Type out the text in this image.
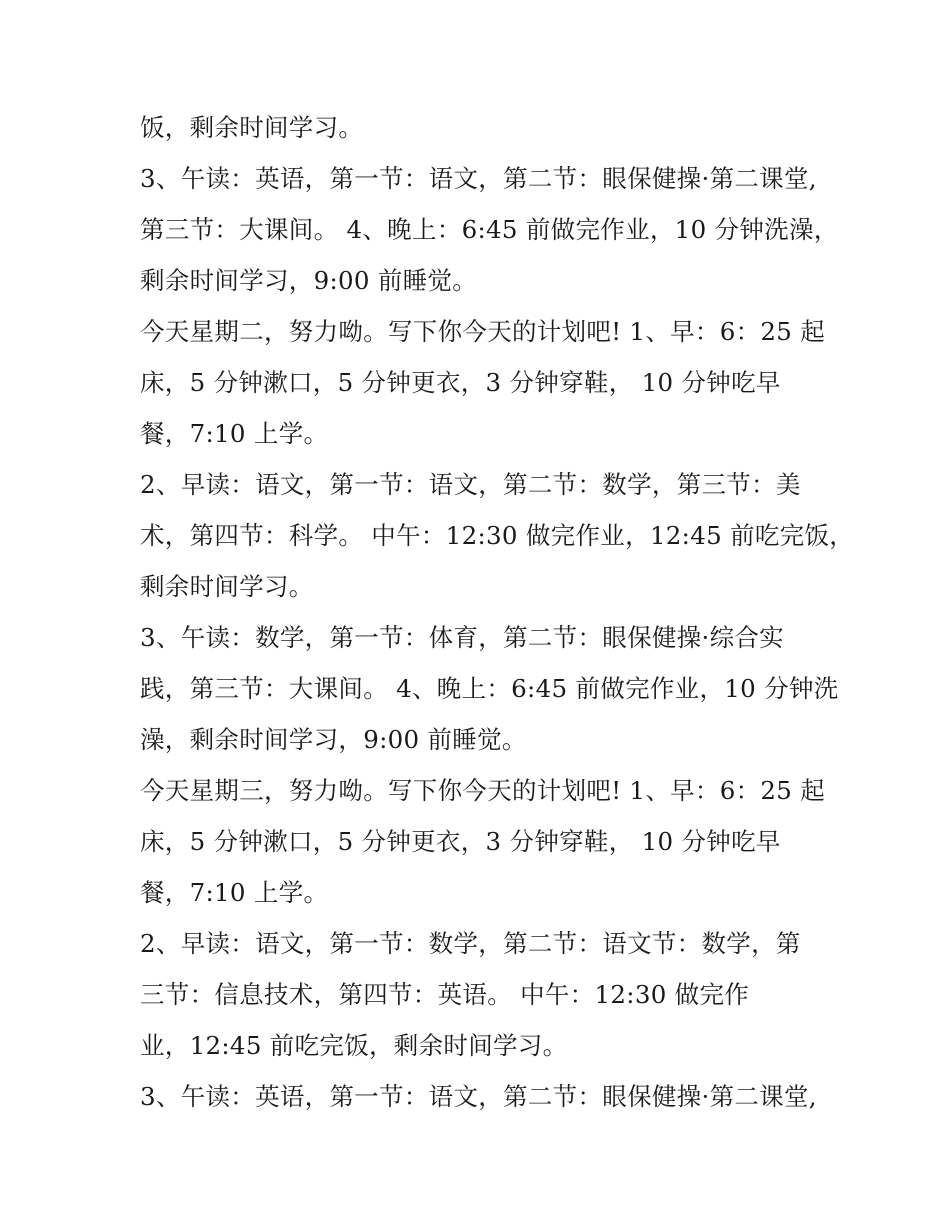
饭，剩余时间学习。
3、午读：英语，第一节：语文，第二节：眼保健操·第二课堂,
第三节：大课间。 4、晚上：6:45 前做完作业，10 分钟洗澡，
剩余时间学习，9:00 前睡觉。
今天星期二，努力呦。写下你今天的计划吧! 1、早：6：25 起
床，5 分钟漱口，5 分钟更衣，3 分钟穿鞋， 10 分钟吃早
餐，7:10 上学。
2、早读：语文，第一节：语文，第二节：数学，第三节：美
术，第四节：科学。 中午：12:30 做完作业，12:45 前吃完饭，
剩余时间学习。
3、午读：数学，第一节：体育，第二节：眼保健操·综合实
践，第三节：大课间。 4、晚上：6:45 前做完作业，10 分钟洗
澡，剩余时间学习，9:00 前睡觉。
今天星期三，努力呦。写下你今天的计划吧! 1、早：6：25 起
床，5 分钟漱口，5 分钟更衣，3 分钟穿鞋， 10 分钟吃早
餐，7:10 上学。
2、早读：语文，第一节：数学，第二节：语文节：数学，第
三节：信息技术，第四节：英语。 中午：12:30 做完作
业，12:45 前吃完饭，剩余时间学习。
3、午读：英语，第一节：语文，第二节：眼保健操·第二课堂,
